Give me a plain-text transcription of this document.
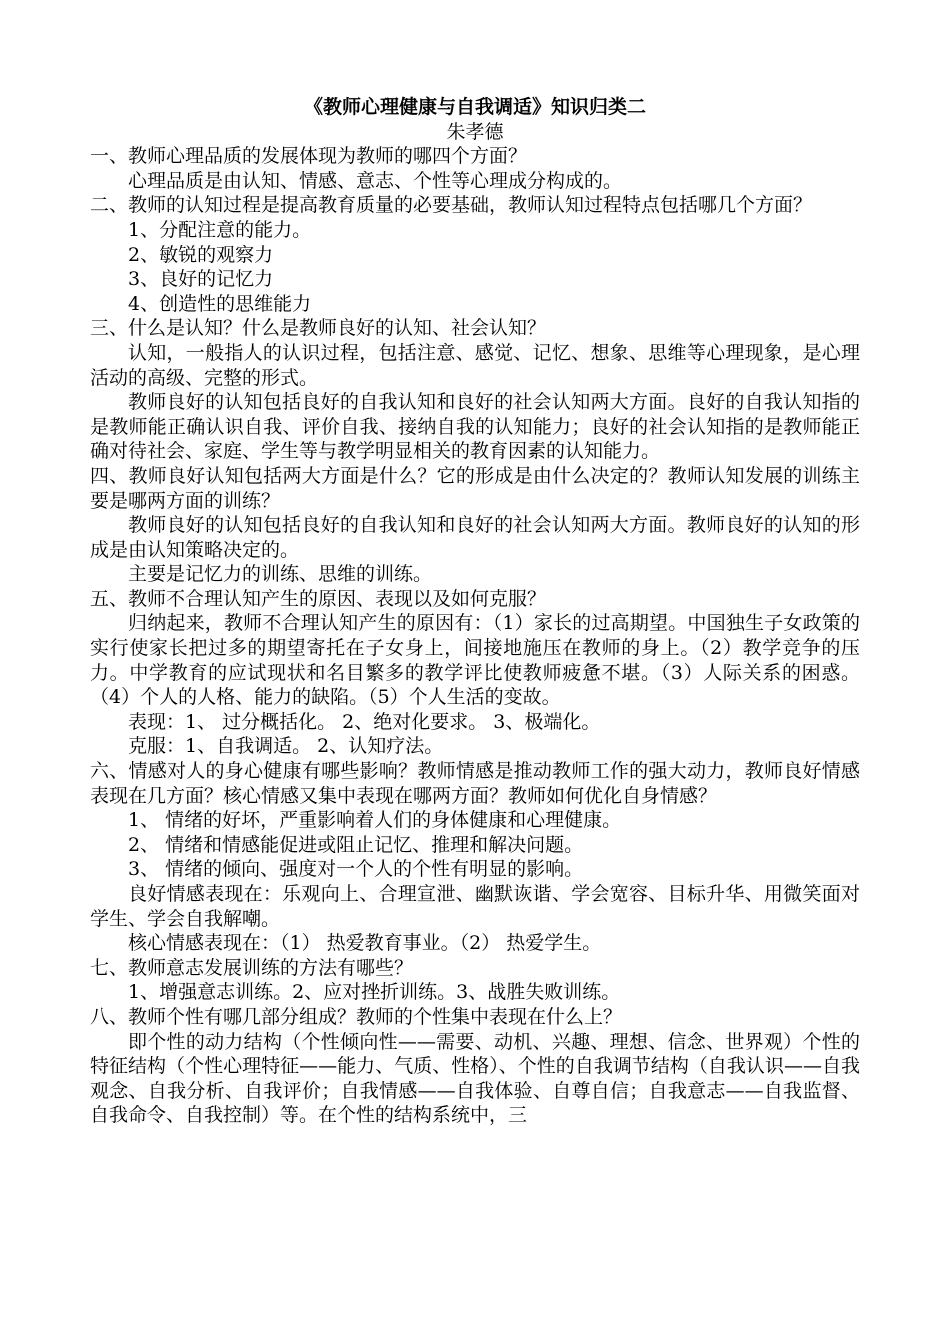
《教师心理健康与自我调适》知识归类二
朱孝德
一、教师心理品质的发展体现为教师的哪四个方面？
心理品质是由认知、情感、意志、个性等心理成分构成的。
二、教师的认知过程是提高教育质量的必要基础，教师认知过程特点包括哪几个方面？
1、分配注意的能力。
2、敏锐的观察力
3、良好的记忆力
4、创造性的思维能力
三、什么是认知？什么是教师良好的认知、社会认知？
认知，一般指人的认识过程，包括注意、感觉、记忆、想象、思维等心理现象，是心理活动的高级、完整的形式。
教师良好的认知包括良好的自我认知和良好的社会认知两大方面。良好的自我认知指的是教师能正确认识自我、评价自我、接纳自我的认知能力；良好的社会认知指的是教师能正确对待社会、家庭、学生等与教学明显相关的教育因素的认知能力。
四、教师良好认知包括两大方面是什么？它的形成是由什么决定的？教师认知发展的训练主要是哪两方面的训练？
教师良好的认知包括良好的自我认知和良好的社会认知两大方面。教师良好的认知的形成是由认知策略决定的。
主要是记忆力的训练、思维的训练。
五、教师不合理认知产生的原因、表现以及如何克服？
归纳起来，教师不合理认知产生的原因有：（1）家长的过高期望。中国独生子女政策的实行使家长把过多的期望寄托在子女身上，间接地施压在教师的身上。（2）教学竞争的压力。中学教育的应试现状和名目繁多的教学评比使教师疲惫不堪。（3）人际关系的困惑。（4）个人的人格、能力的缺陷。（5）个人生活的变故。
表现：1、 过分概括化。 2、绝对化要求。 3、极端化。
克服：1、自我调适。 2、认知疗法。
六、情感对人的身心健康有哪些影响？教师情感是推动教师工作的强大动力，教师良好情感表现在几方面？核心情感又集中表现在哪两方面？教师如何优化自身情感？
1、 情绪的好坏，严重影响着人们的身体健康和心理健康。
2、 情绪和情感能促进或阻止记忆、推理和解决问题。
3、 情绪的倾向、强度对一个人的个性有明显的影响。
良好情感表现在：乐观向上、合理宣泄、幽默诙谐、学会宽容、目标升华、用微笑面对学生、学会自我解嘲。
核心情感表现在：（1） 热爱教育事业。（2） 热爱学生。
七、教师意志发展训练的方法有哪些？
1、增强意志训练。2、应对挫折训练。3、战胜失败训练。
八、教师个性有哪几部分组成？教师的个性集中表现在什么上？
即个性的动力结构（个性倾向性——需要、动机、兴趣、理想、信念、世界观）个性的特征结构（个性心理特征——能力、气质、性格）、个性的自我调节结构（自我认识——自我观念、自我分析、自我评价；自我情感——自我体验、自尊自信；自我意志——自我监督、自我命令、自我控制）等。在个性的结构系统中，三
